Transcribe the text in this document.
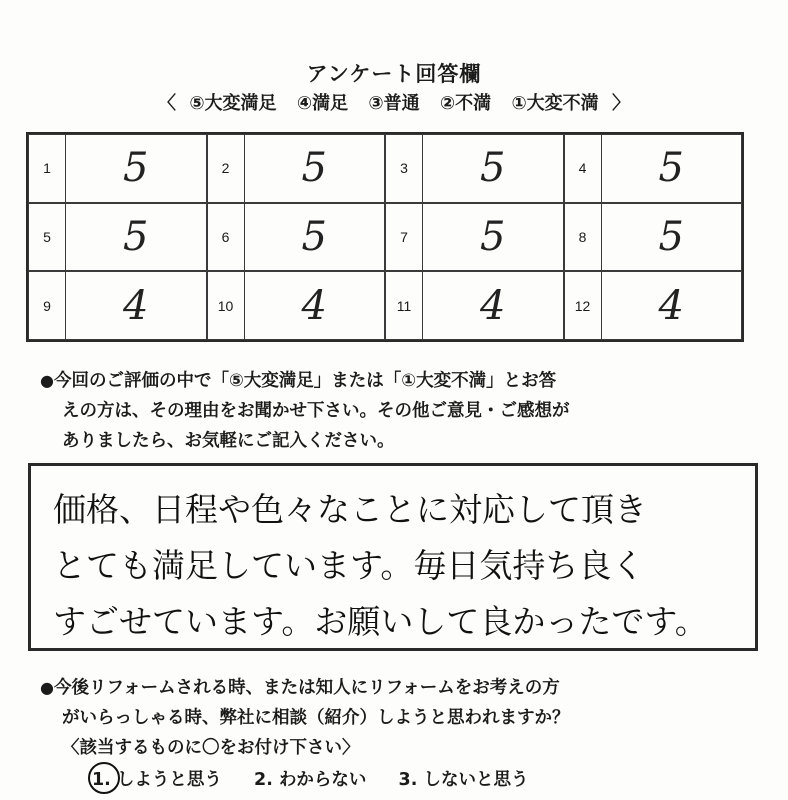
アンケート回答欄
〈 ⑤大変満足 ④満足 ③普通 ②不満 ①大変不満 〉
1	5	2	5	3	5	4	5
5	5	6	5	7	5	8	5
9	4	10	4	11	4	12	4
●今回のご評価の中で「⑤大変満足」または「①大変不満」とお答
えの方は、その理由をお聞かせ下さい。その他ご意見・ご感想が
ありましたら、お気軽にご記入ください。
価格、日程や色々なことに対応して頂き
とても満足しています。毎日気持ち良く
すごせています。お願いして良かったです。
●今後リフォームされる時、または知人にリフォームをお考えの方
がいらっしゃる時、弊社に相談（紹介）しようと思われますか？
〈該当するものに〇をお付け下さい〉
1. しようと思う 2. わからない 3. しないと思う
